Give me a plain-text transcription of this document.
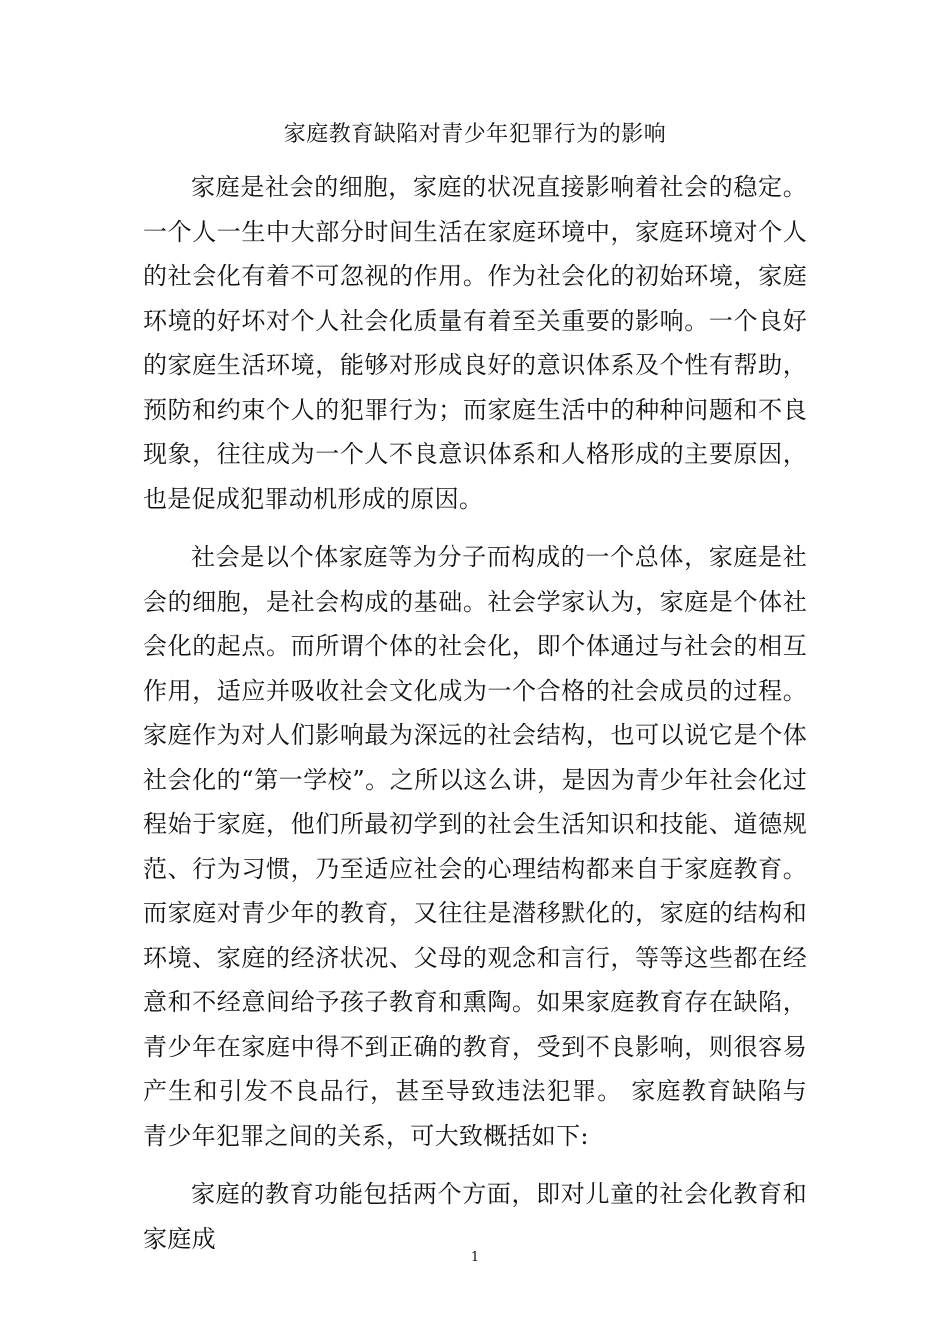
家庭教育缺陷对青少年犯罪行为的影响

家庭是社会的细胞，家庭的状况直接影响着社会的稳定。一个人一生中大部分时间生活在家庭环境中，家庭环境对个人的社会化有着不可忽视的作用。作为社会化的初始环境，家庭环境的好坏对个人社会化质量有着至关重要的影响。一个良好的家庭生活环境，能够对形成良好的意识体系及个性有帮助，预防和约束个人的犯罪行为；而家庭生活中的种种问题和不良现象，往往成为一个人不良意识体系和人格形成的主要原因，也是促成犯罪动机形成的原因。

社会是以个体家庭等为分子而构成的一个总体，家庭是社会的细胞，是社会构成的基础。社会学家认为，家庭是个体社会化的起点。而所谓个体的社会化，即个体通过与社会的相互作用，适应并吸收社会文化成为一个合格的社会成员的过程。 家庭作为对人们影响最为深远的社会结构，也可以说它是个体社会化的“第一学校”。之所以这么讲，是因为青少年社会化过程始于家庭，他们所最初学到的社会生活知识和技能、道德规范、行为习惯，乃至适应社会的心理结构都来自于家庭教育。而家庭对青少年的教育，又往往是潜移默化的，家庭的结构和环境、家庭的经济状况、父母的观念和言行，等等这些都在经意和不经意间给予孩子教育和熏陶。如果家庭教育存在缺陷，青少年在家庭中得不到正确的教育，受到不良影响，则很容易产生和引发不良品行，甚至导致违法犯罪。 家庭教育缺陷与青少年犯罪之间的关系，可大致概括如下:

家庭的教育功能包括两个方面，即对儿童的社会化教育和家庭成

1
